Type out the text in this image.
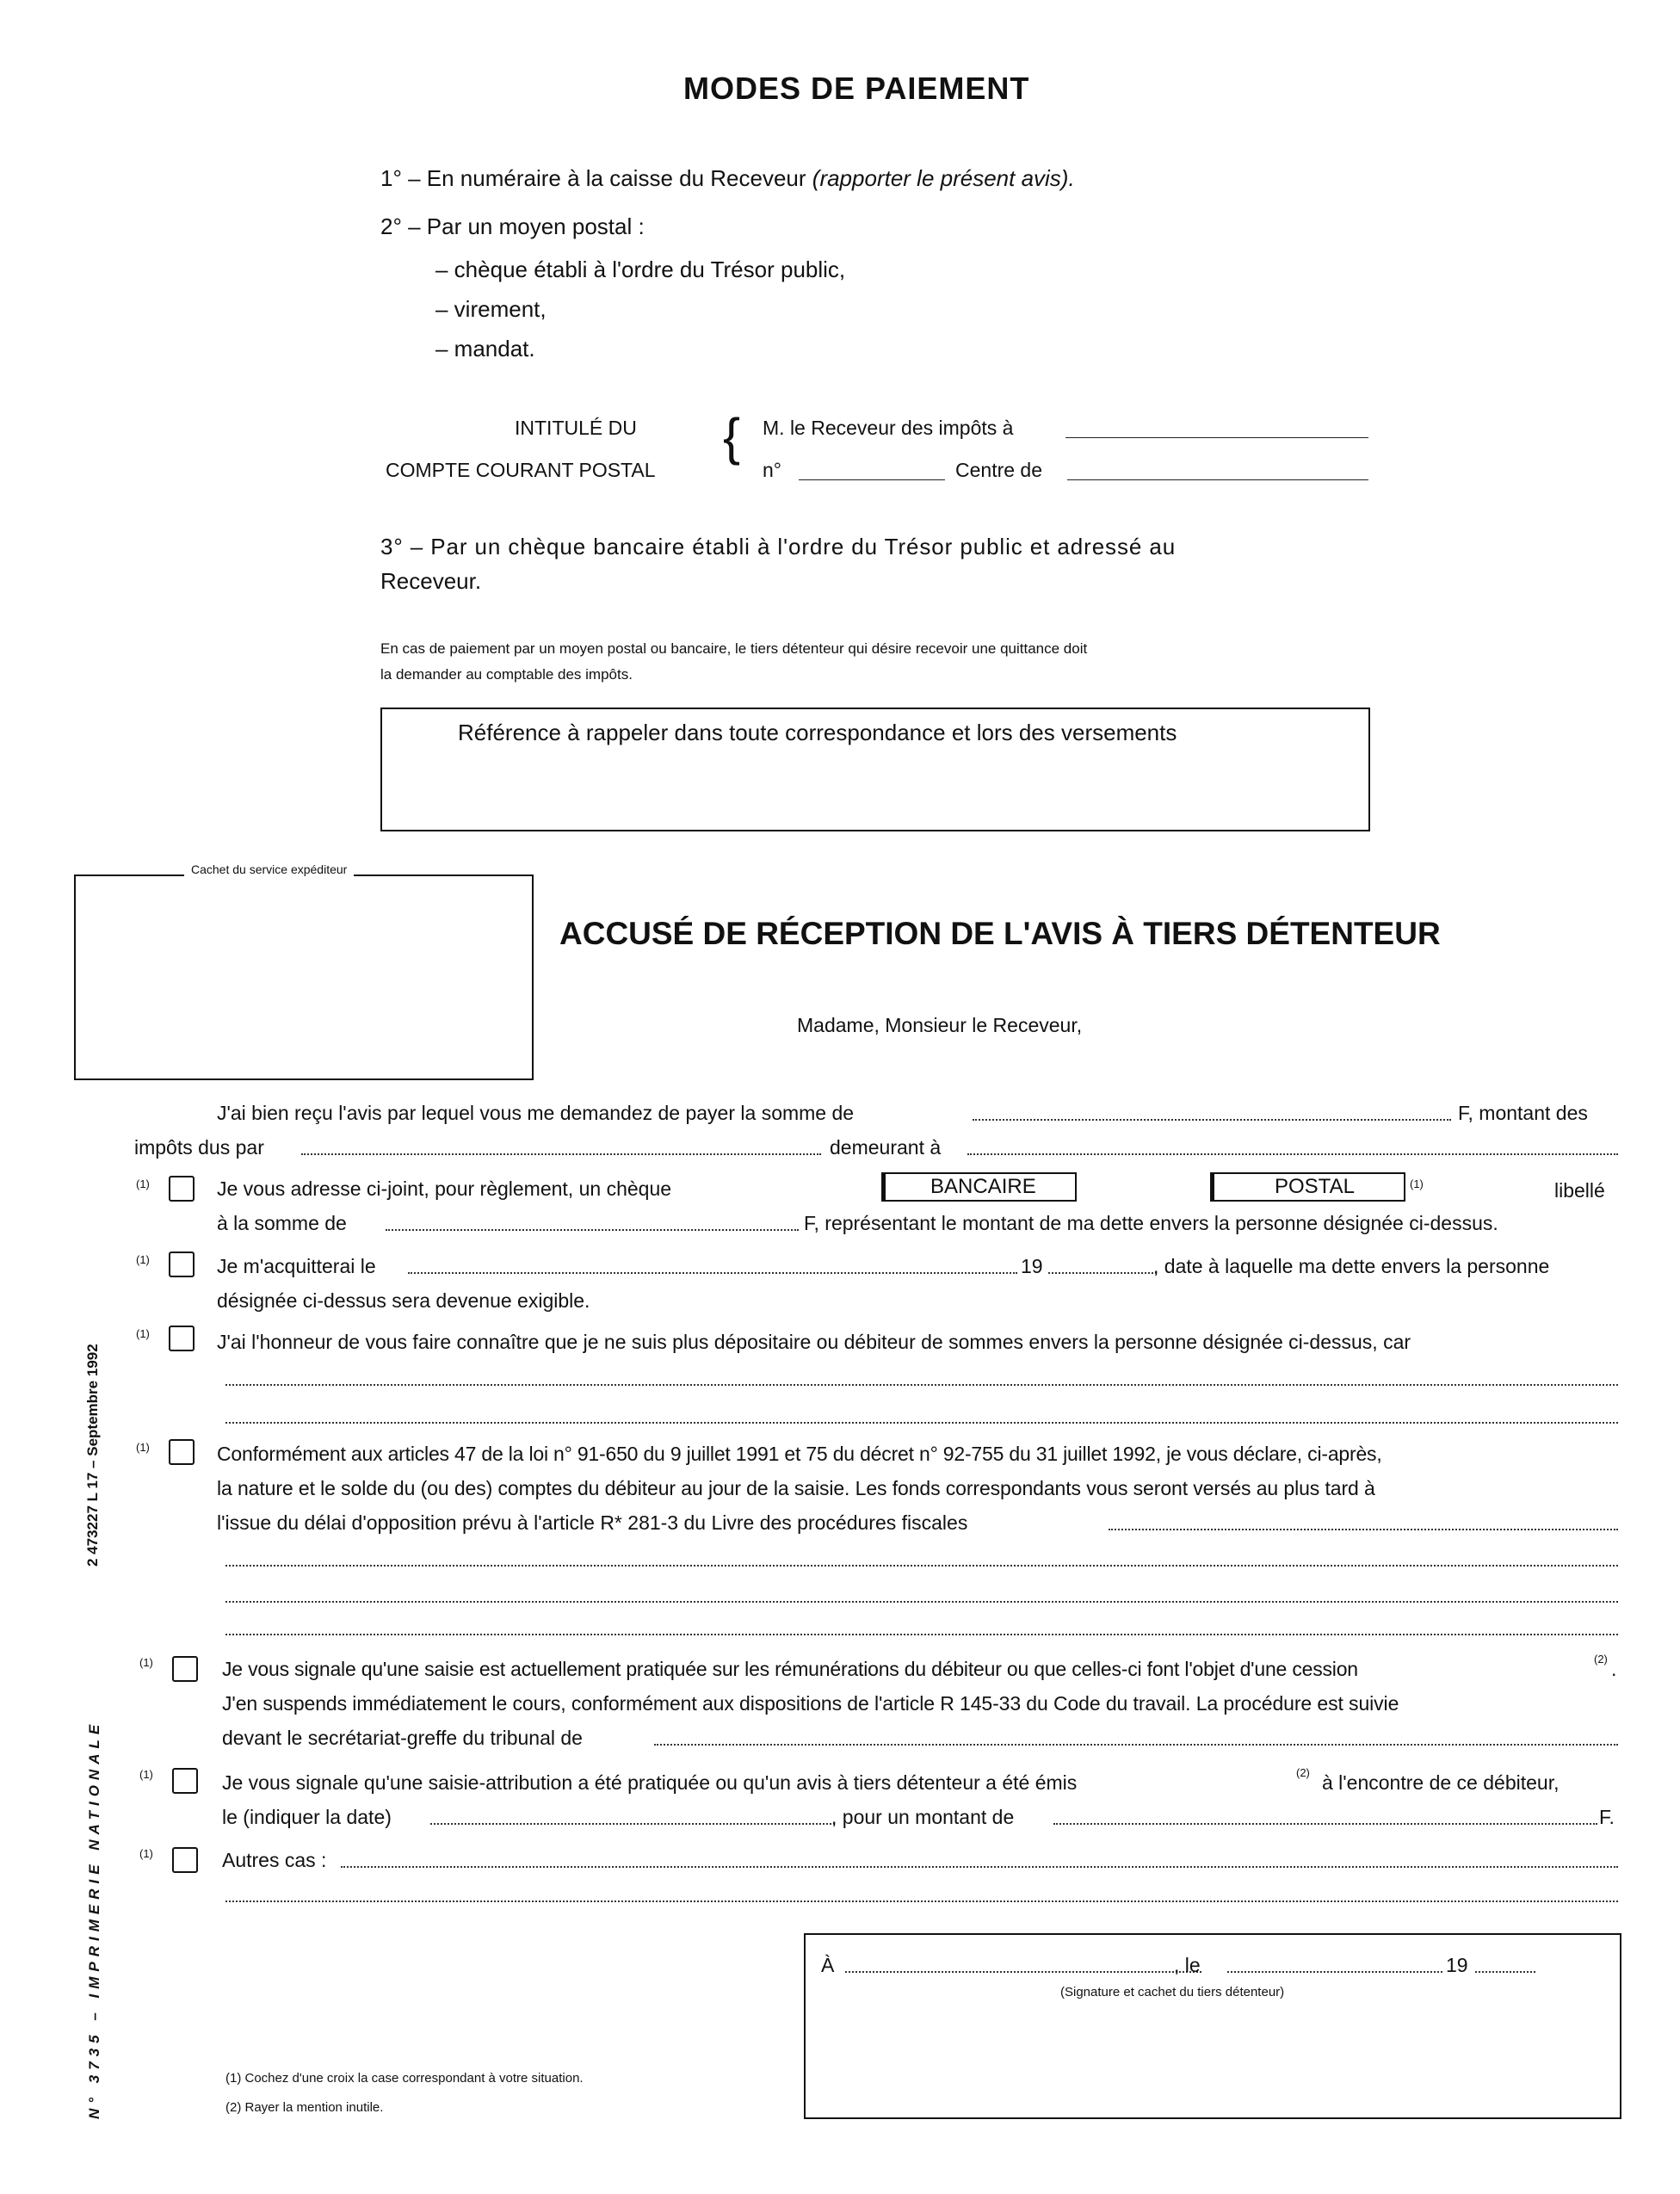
MODES DE PAIEMENT
1° – En numéraire à la caisse du Receveur (rapporter le présent avis).
2° – Par un moyen postal :
– chèque établi à l'ordre du Trésor public,
– virement,
– mandat.
INTITULÉ DU
COMPTE COURANT POSTAL
{ M. le Receveur des impôts à
n°	Centre de
3° – Par un chèque bancaire établi à l'ordre du Trésor public et adressé au
Receveur.
En cas de paiement par un moyen postal ou bancaire, le tiers détenteur qui désire recevoir une quittance doit
la demander au comptable des impôts.
Référence à rappeler dans toute correspondance et lors des versements
Cachet du service expéditeur
ACCUSÉ DE RÉCEPTION DE L'AVIS À TIERS DÉTENTEUR
Madame, Monsieur le Receveur,
J'ai bien reçu l'avis par lequel vous me demandez de payer la somme de	F, montant des
impôts dus par	demeurant à
(1)	Je vous adresse ci-joint, pour règlement, un chèque	BANCAIRE	POSTAL	(1)	libellé
à la somme de	F, représentant le montant de ma dette envers la personne désignée ci-dessus.
(1)	Je m'acquitterai le	19	, date à laquelle ma dette envers la personne
désignée ci-dessus sera devenue exigible.
(1)	J'ai l'honneur de vous faire connaître que je ne suis plus dépositaire ou débiteur de sommes envers la personne désignée ci-dessus, car
(1)	Conformément aux articles 47 de la loi n° 91-650 du 9 juillet 1991 et 75 du décret n° 92-755 du 31 juillet 1992, je vous déclare, ci-après,
la nature et le solde du (ou des) comptes du débiteur au jour de la saisie. Les fonds correspondants vous seront versés au plus tard à
l'issue du délai d'opposition prévu à l'article R* 281-3 du Livre des procédures fiscales
(1)	Je vous signale qu'une saisie est actuellement pratiquée sur les rémunérations du débiteur ou que celles-ci font l'objet d'une cession	(2) .
J'en suspends immédiatement le cours, conformément aux dispositions de l'article R 145-33 du Code du travail. La procédure est suivie
devant le secrétariat-greffe du tribunal de
(1)	Je vous signale qu'une saisie-attribution a été pratiquée ou qu'un avis à tiers détenteur a été émis	(2) à l'encontre de ce débiteur,
le (indiquer la date)	, pour un montant de	F.
(1)	Autres cas :
À	, le	19
(Signature et cachet du tiers détenteur)
(1) Cochez d'une croix la case correspondant à votre situation.
(2) Rayer la mention inutile.
2 473227 L 17 – Septembre 1992
N° 3735 – IMPRIMERIE NATIONALE
